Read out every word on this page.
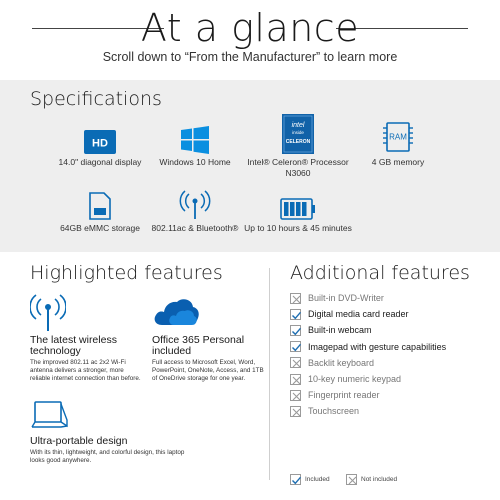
At a glance
Scroll down to “From the Manufacturer” to learn more
Specifications
HD
14.0" diagonal display	Windows 10 Home
intel
inside
CELERON
Intel® Celeron® Processor N3060
RAM
4 GB memory
64GB eMMC storage	802.11ac & Bluetooth® Up to 10 hours & 45 minutes
Highlighted features
The latest wireless technology
The improved 802.11 ac 2x2 Wi-Fi antenna delivers a stronger, more reliable internet connection than before.
Office 365 Personal included
Full access to Microsoft Excel, Word, PowerPoint, OneNote, Access, and 1TB of OneDrive storage for one year.
Ultra-portable design
With its thin, lightweight, and colorful design, this laptop looks good anywhere.
Additional features
Built-in DVD-Writer
Digital media card reader
Built-in webcam
Imagepad with gesture capabilities
Backlit keyboard
10-key numeric keypad
Fingerprint reader
Touchscreen
Included	Not included
